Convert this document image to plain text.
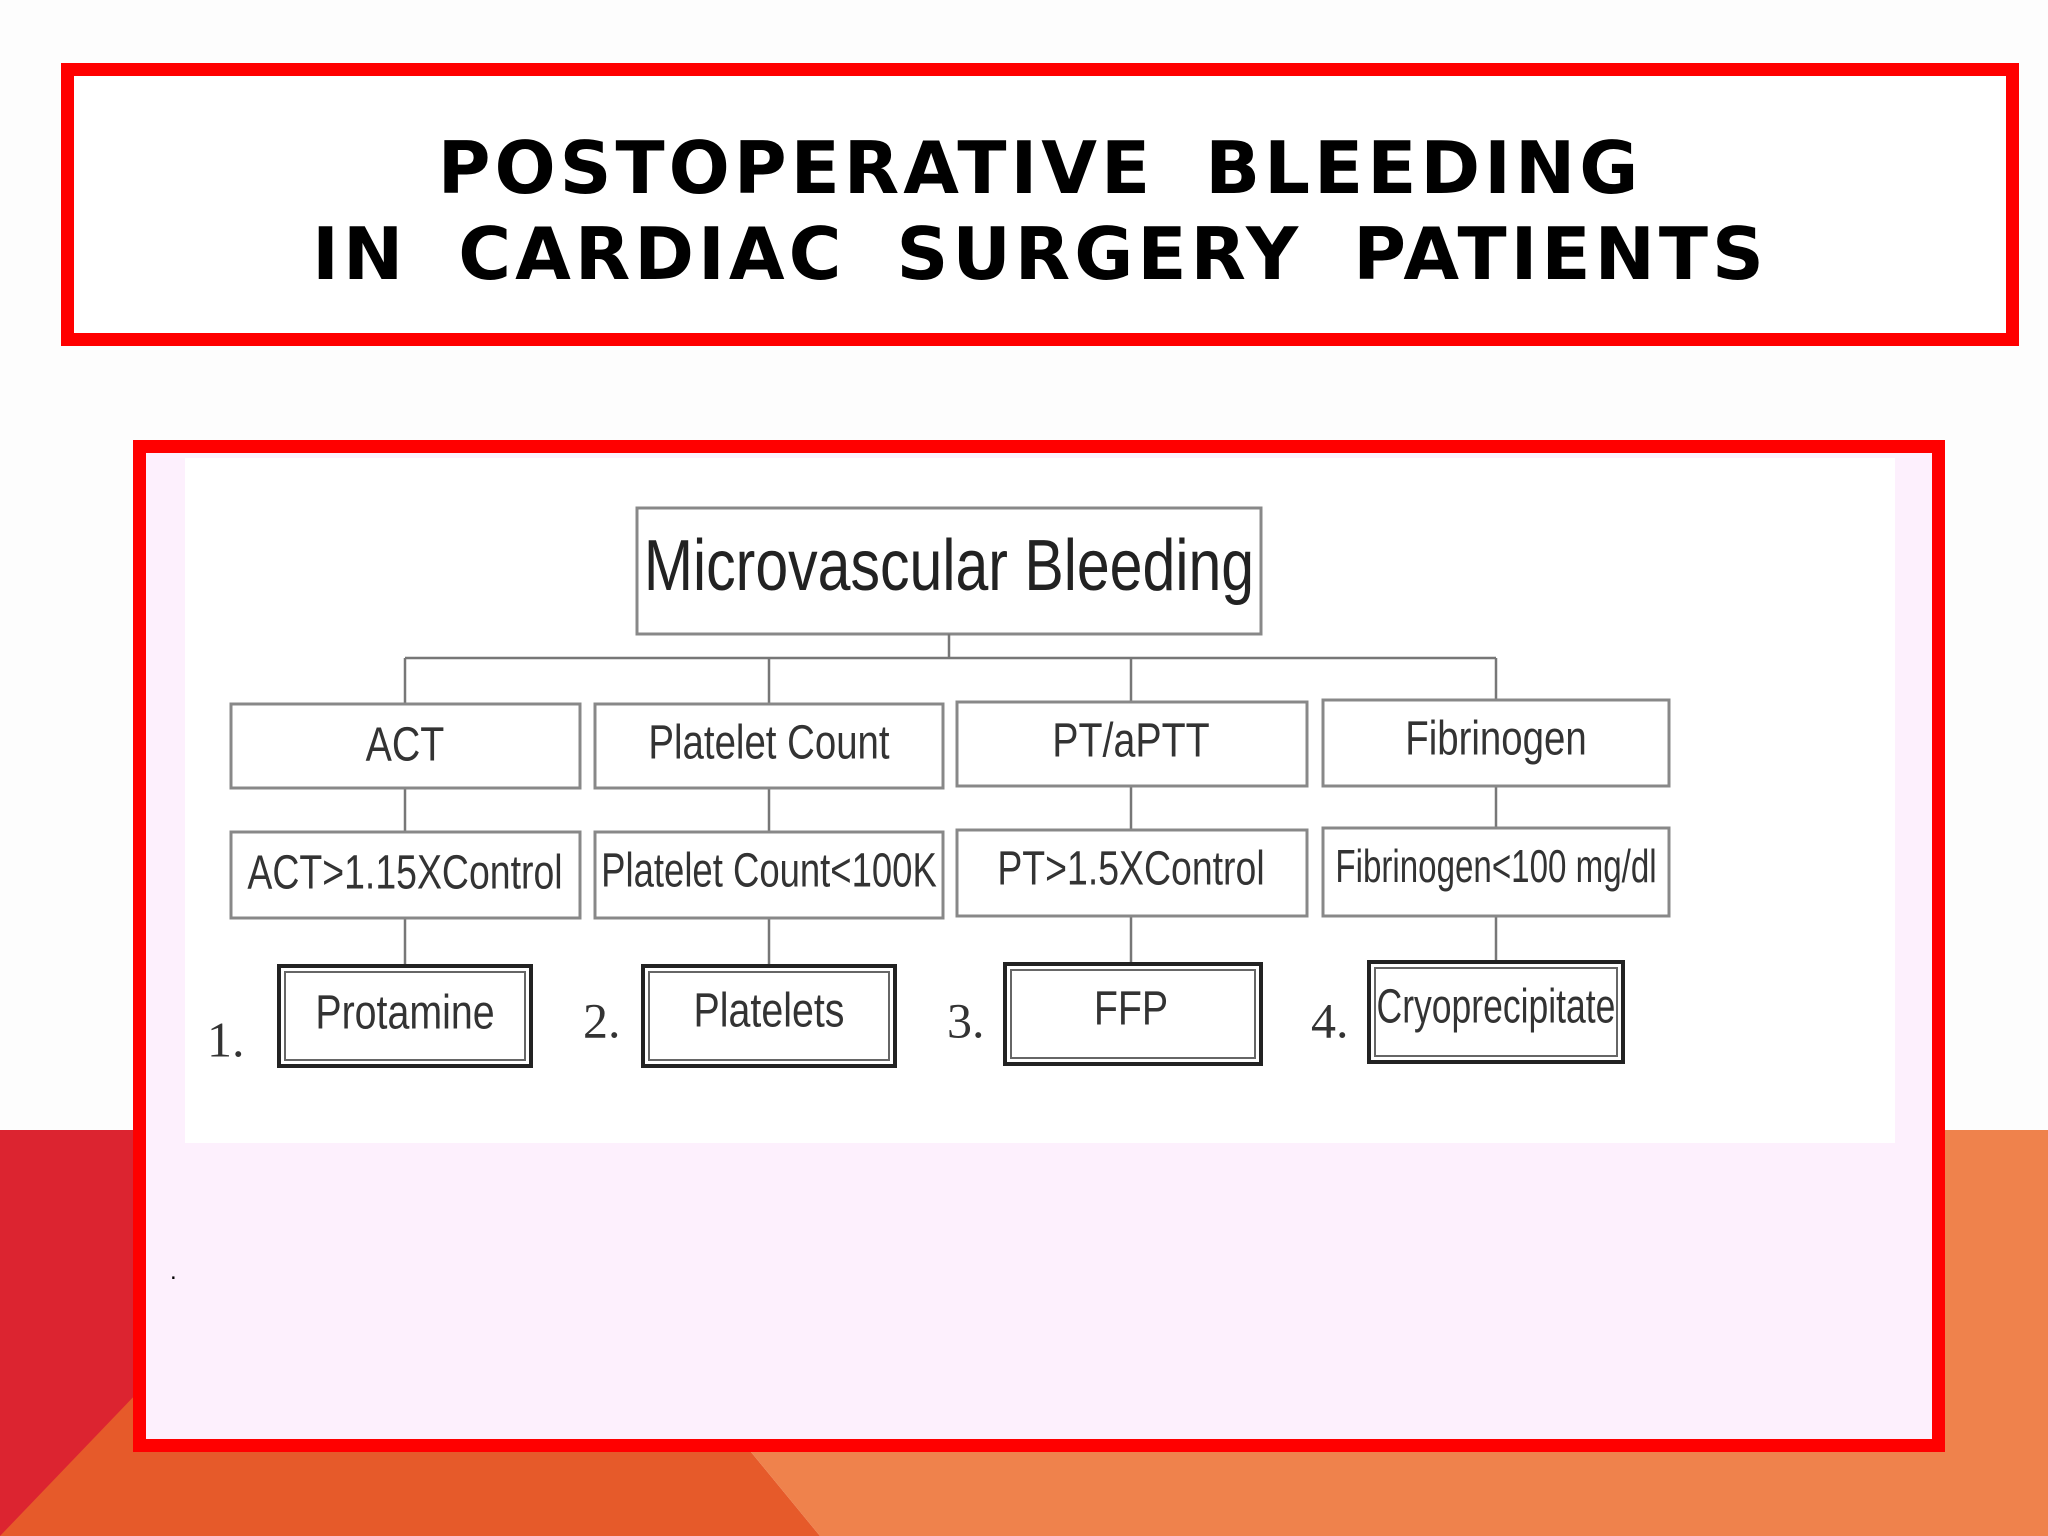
POSTOPERATIVE BLEEDING
IN CARDIAC SURGERY PATIENTS
.
Microvascular Bleeding
ACT
ACT>1.15XControl
1. Protamine
Platelet Count
Platelet Count<100K
2. Platelets
PT/aPTT
PT>1.5XControl
3. FFP
Fibrinogen
Fibrinogen<100 mg/dl
4. Cryoprecipitate
